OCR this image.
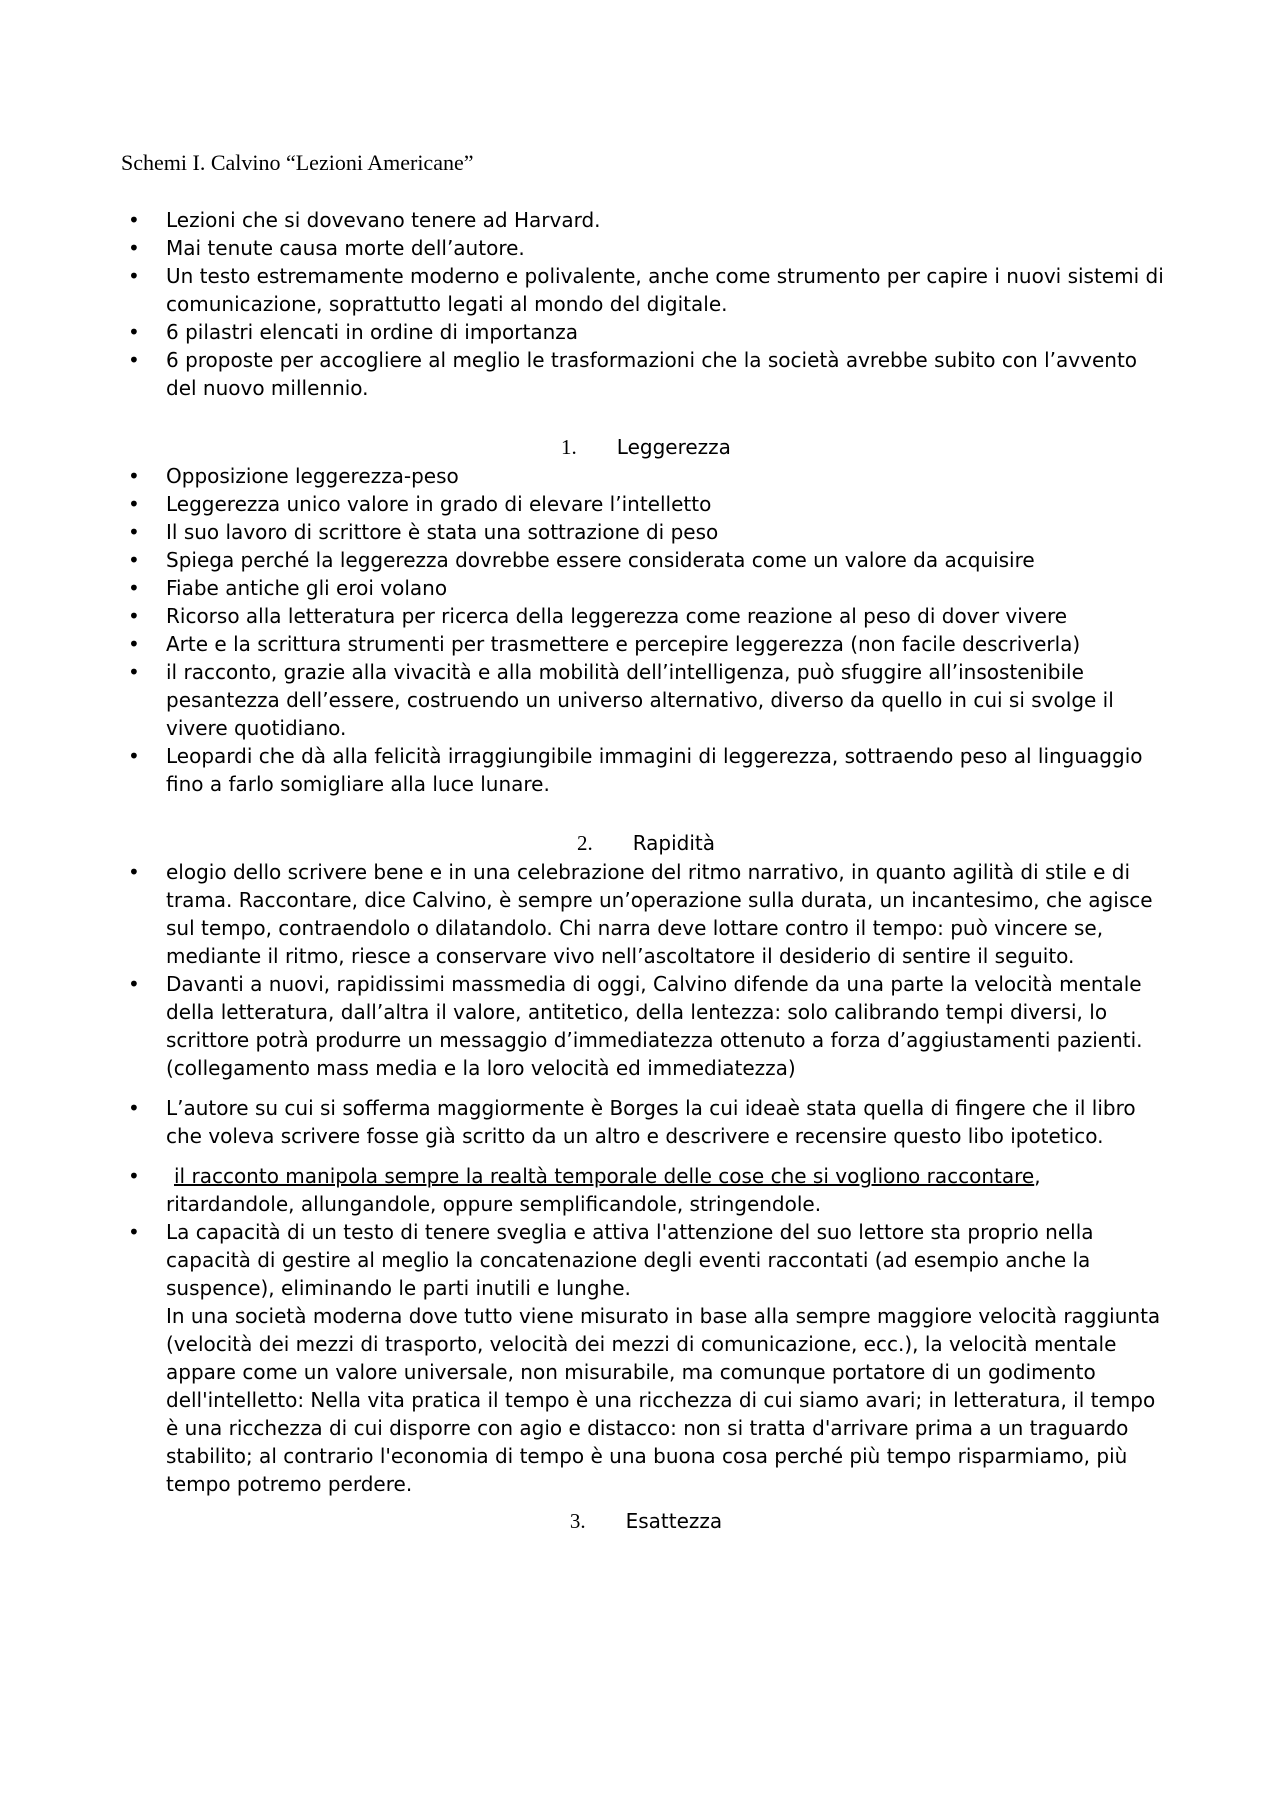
Schemi I. Calvino “Lezioni Americane”
• Lezioni che si dovevano tenere ad Harvard.
• Mai tenute causa morte dell’autore.
• Un testo estremamente moderno e polivalente, anche come strumento per capire i nuovi sistemi di comunicazione, soprattutto legati al mondo del digitale.
• 6 pilastri elencati in ordine di importanza
• 6 proposte per accogliere al meglio le trasformazioni che la società avrebbe subito con l’avvento del nuovo millennio.
1. Leggerezza
• Opposizione leggerezza-peso
• Leggerezza unico valore in grado di elevare l’intelletto
• Il suo lavoro di scrittore è stata una sottrazione di peso
• Spiega perché la leggerezza dovrebbe essere considerata come un valore da acquisire
• Fiabe antiche gli eroi volano
• Ricorso alla letteratura per ricerca della leggerezza come reazione al peso di dover vivere
• Arte e la scrittura strumenti per trasmettere e percepire leggerezza (non facile descriverla)
• il racconto, grazie alla vivacità e alla mobilità dell’intelligenza, può sfuggire all’insostenibile pesantezza dell’essere, costruendo un universo alternativo, diverso da quello in cui si svolge il vivere quotidiano.
• Leopardi che dà alla felicità irraggiungibile immagini di leggerezza, sottraendo peso al linguaggio fino a farlo somigliare alla luce lunare.
2. Rapidità
• elogio dello scrivere bene e in una celebrazione del ritmo narrativo, in quanto agilità di stile e di trama. Raccontare, dice Calvino, è sempre un’operazione sulla durata, un incantesimo, che agisce sul tempo, contraendolo o dilatandolo. Chi narra deve lottare contro il tempo: può vincere se, mediante il ritmo, riesce a conservare vivo nell’ascoltatore il desiderio di sentire il seguito.
• Davanti a nuovi, rapidissimi massmedia di oggi, Calvino difende da una parte la velocità mentale della letteratura, dall’altra il valore, antitetico, della lentezza: solo calibrando tempi diversi, lo scrittore potrà produrre un messaggio d’immediatezza ottenuto a forza d’aggiustamenti pazienti. (collegamento mass media e la loro velocità ed immediatezza)
• L’autore su cui si sofferma maggiormente è Borges la cui ideaè stata quella di fingere che il libro che voleva scrivere fosse già scritto da un altro e descrivere e recensire questo libo ipotetico.
• il racconto manipola sempre la realtà temporale delle cose che si vogliono raccontare, ritardandole, allungandole, oppure semplificandole, stringendole.
• La capacità di un testo di tenere sveglia e attiva l'attenzione del suo lettore sta proprio nella capacità di gestire al meglio la concatenazione degli eventi raccontati (ad esempio anche la suspence), eliminando le parti inutili e lunghe.
In una società moderna dove tutto viene misurato in base alla sempre maggiore velocità raggiunta (velocità dei mezzi di trasporto, velocità dei mezzi di comunicazione, ecc.), la velocità mentale appare come un valore universale, non misurabile, ma comunque portatore di un godimento dell'intelletto: Nella vita pratica il tempo è una ricchezza di cui siamo avari; in letteratura, il tempo è una ricchezza di cui disporre con agio e distacco: non si tratta d'arrivare prima a un traguardo stabilito; al contrario l'economia di tempo è una buona cosa perché più tempo risparmiamo, più tempo potremo perdere.
3. Esattezza
